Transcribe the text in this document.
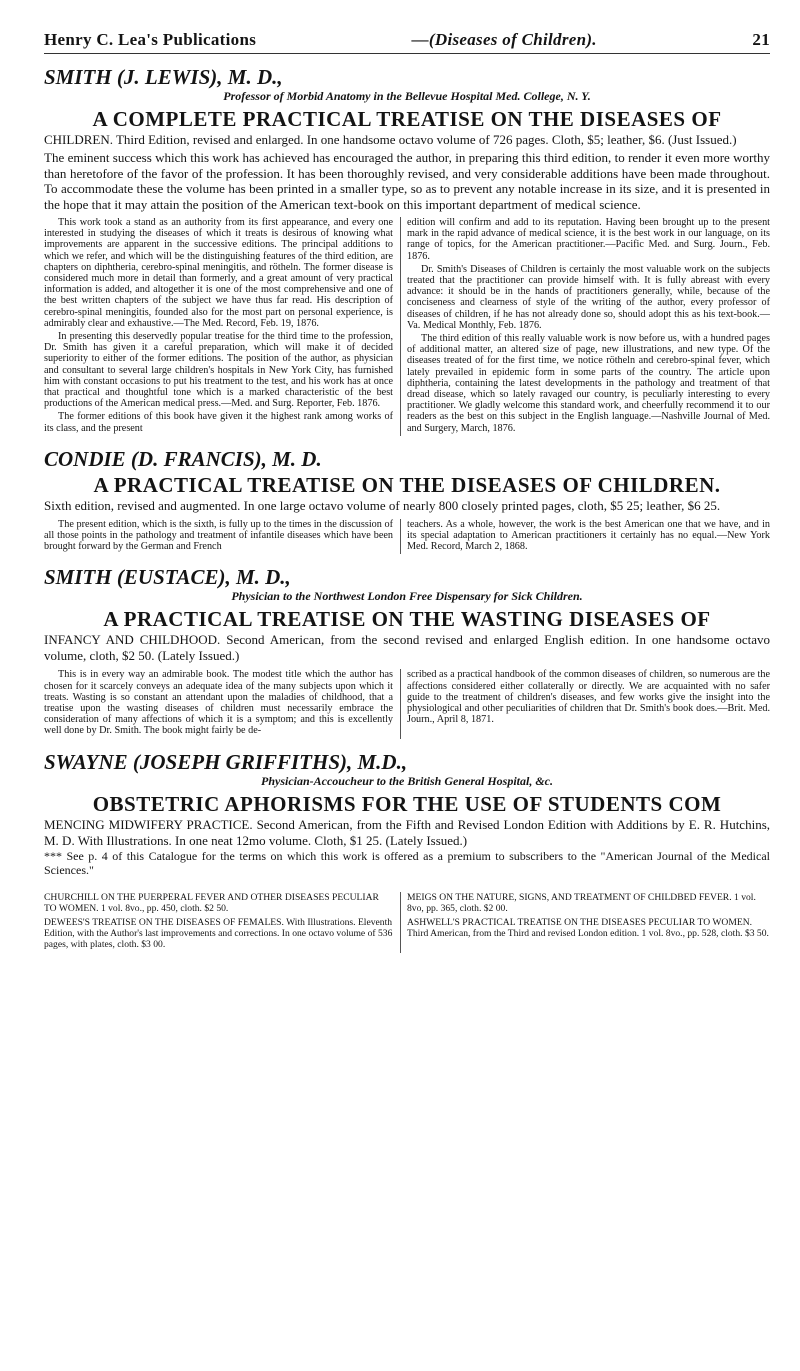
Henry C. Lea's Publications	—(Diseases of Children).	21
SMITH (J. LEWIS), M. D.,
Professor of Morbid Anatomy in the Bellevue Hospital Med. College, N. Y.
A COMPLETE PRACTICAL TREATISE ON THE DISEASES OF
CHILDREN. Third Edition, revised and enlarged. In one handsome octavo volume of 726 pages. Cloth, $5; leather, $6. (Just Issued.)
The eminent success which this work has achieved has encouraged the author, in preparing this third edition, to render it even more worthy than heretofore of the favor of the profession. It has been thoroughly revised, and very considerable additions have been made throughout. To accommodate these the volume has been printed in a smaller type, so as to prevent any notable increase in its size, and it is presented in the hope that it may attain the position of the American text-book on this important department of medical science.

This work took a stand as an authority from its first appearance, and every one interested in studying the diseases of which it treats is desirous of knowing what improvements are apparent in the successive editions. The principal additions to which we refer, and which will be the distinguishing features of the third edition, are chapters on diphtheria, cerebro-spinal meningitis, and rötheln. The former disease is considered much more in detail than formerly, and a great amount of very practical information is added, and altogether it is one of the most comprehensive and one of the best written chapters of the subject we have thus far read. His description of cerebro-spinal meningitis, founded also for the most part on personal experience, is admirably clear and exhaustive.—The Med. Record, Feb. 19, 1876.

In presenting this deservedly popular treatise for the third time to the profession, Dr. Smith has given it a careful preparation, which will make it of decided superiority to either of the former editions. The position of the author, as physician and consultant to several large children's hospitals in New York City, has furnished him with constant occasions to put his treatment to the test, and his work has at once that practical and thoughtful tone which is a marked characteristic of the best productions of the American medical press.—Med. and Surg. Reporter, Feb. 1876.

The former editions of this book have given it the highest rank among works of its class, and the present

edition will confirm and add to its reputation. Having been brought up to the present mark in the rapid advance of medical science, it is the best work in our language, on its range of topics, for the American practitioner.—Pacific Med. and Surg. Journ., Feb. 1876.

Dr. Smith's Diseases of Children is certainly the most valuable work on the subjects treated that the practitioner can provide himself with. It is fully abreast with every advance: it should be in the hands of practitioners generally, while, because of the conciseness and clearness of style of the writing of the author, every professor of diseases of children, if he has not already done so, should adopt this as his text-book.—Va. Medical Monthly, Feb. 1876.

The third edition of this really valuable work is now before us, with a hundred pages of additional matter, an altered size of page, new illustrations, and new type. Of the diseases treated of for the first time, we notice rötheln and cerebro-spinal fever, which lately prevailed in epidemic form in some parts of the country. The article upon diphtheria, containing the latest developments in the pathology and treatment of that dread disease, which so lately ravaged our country, is peculiarly interesting to every practitioner. We gladly welcome this standard work, and cheerfully recommend it to our readers as the best on this subject in the English language.—Nashville Journal of Med. and Surgery, March, 1876.

CONDIE (D. FRANCIS), M. D.
A PRACTICAL TREATISE ON THE DISEASES OF CHILDREN.
Sixth edition, revised and augmented. In one large octavo volume of nearly 800 closely printed pages, cloth, $5 25; leather, $6 25.

The present edition, which is the sixth, is fully up to the times in the discussion of all those points in the pathology and treatment of infantile diseases which have been brought forward by the German and French

teachers. As a whole, however, the work is the best American one that we have, and in its special adaptation to American practitioners it certainly has no equal.—New York Med. Record, March 2, 1868.

SMITH (EUSTACE), M. D.,
Physician to the Northwest London Free Dispensary for Sick Children.
A PRACTICAL TREATISE ON THE WASTING DISEASES OF
INFANCY AND CHILDHOOD. Second American, from the second revised and enlarged English edition. In one handsome octavo volume, cloth, $2 50. (Lately Issued.)

This is in every way an admirable book. The modest title which the author has chosen for it scarcely conveys an adequate idea of the many subjects upon which it treats. Wasting is so constant an attendant upon the maladies of childhood, that a treatise upon the wasting diseases of children must necessarily embrace the consideration of many affections of which it is a symptom; and this is excellently well done by Dr. Smith. The book might fairly be de-

scribed as a practical handbook of the common diseases of children, so numerous are the affections considered either collaterally or directly. We are acquainted with no safer guide to the treatment of children's diseases, and few works give the insight into the physiological and other peculiarities of children that Dr. Smith's book does.—Brit. Med. Journ., April 8, 1871.

SWAYNE (JOSEPH GRIFFITHS), M.D.,
Physician-Accoucheur to the British General Hospital, &c.
OBSTETRIC APHORISMS FOR THE USE OF STUDENTS COM
MENCING MIDWIFERY PRACTICE. Second American, from the Fifth and Revised London Edition with Additions by E. R. Hutchins, M. D. With Illustrations. In one neat 12mo volume. Cloth, $1 25. (Lately Issued.)
*** See p. 4 of this Catalogue for the terms on which this work is offered as a premium to subscribers to the "American Journal of the Medical Sciences."
CHURCHILL ON THE PUERPERAL FEVER AND OTHER DISEASES PECULIAR TO WOMEN. 1 vol. 8vo., pp. 450, cloth. $2 50.
DEWEES'S TREATISE ON THE DISEASES OF FEMALES. With Illustrations. Eleventh Edition, with the Author's last improvements and corrections. In one octavo volume of 536 pages, with plates, cloth. $3 00.
MEIGS ON THE NATURE, SIGNS, AND TREATMENT OF CHILDBED FEVER. 1 vol. 8vo, pp. 365, cloth. $2 00.
ASHWELL'S PRACTICAL TREATISE ON THE DISEASES PECULIAR TO WOMEN. Third American, from the Third and revised London edition. 1 vol. 8vo., pp. 528, cloth. $3 50.
